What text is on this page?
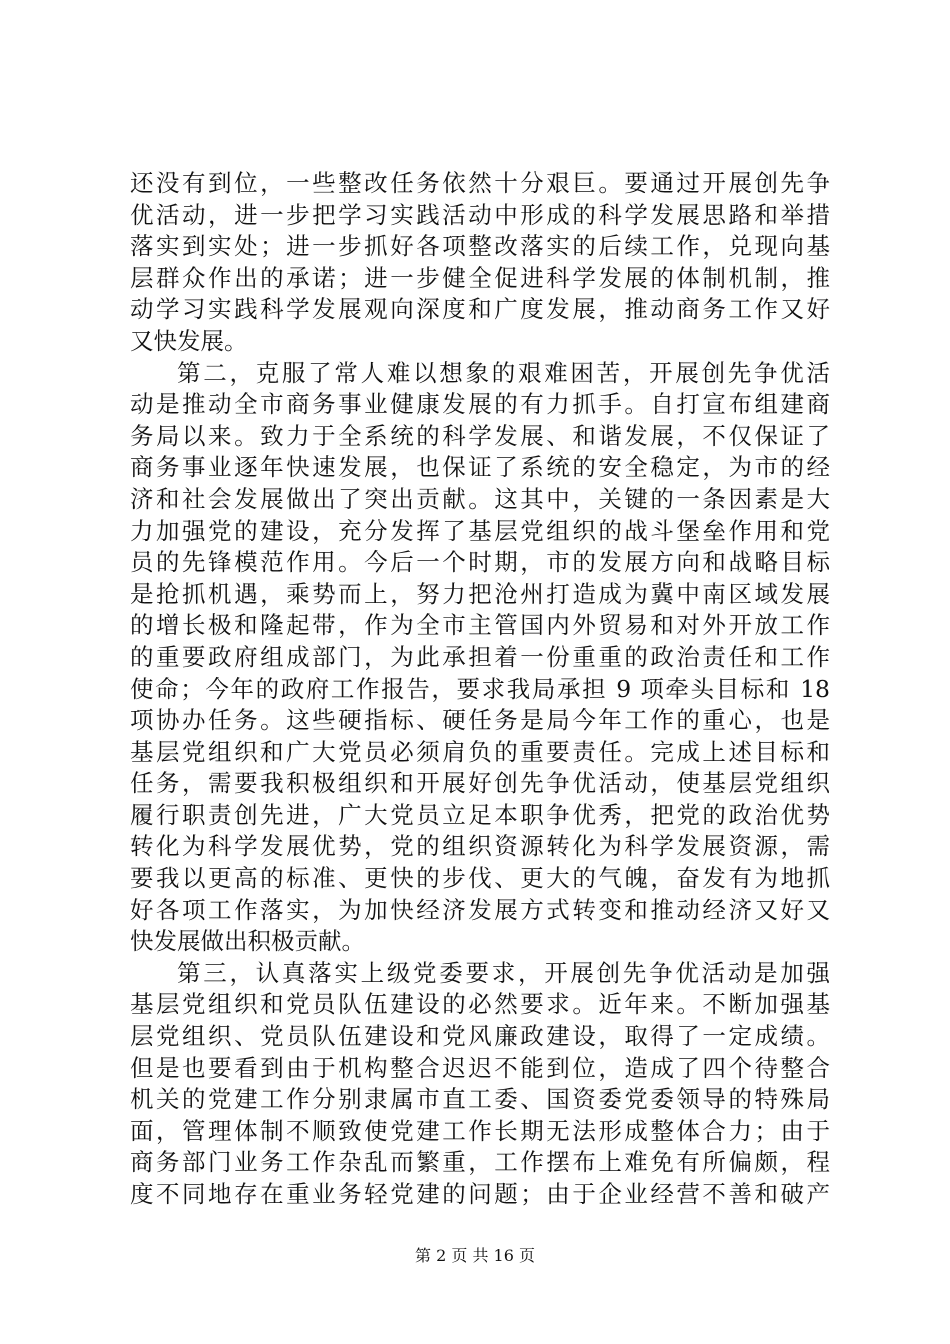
还没有到位，一些整改任务依然十分艰巨。要通过开展创先争
优活动，进一步把学习实践活动中形成的科学发展思路和举措
落实到实处；进一步抓好各项整改落实的后续工作，兑现向基
层群众作出的承诺；进一步健全促进科学发展的体制机制，推
动学习实践科学发展观向深度和广度发展，推动商务工作又好
又快发展。
第二，克服了常人难以想象的艰难困苦，开展创先争优活
动是推动全市商务事业健康发展的有力抓手。自打宣布组建商
务局以来。致力于全系统的科学发展、和谐发展，不仅保证了
商务事业逐年快速发展，也保证了系统的安全稳定，为市的经
济和社会发展做出了突出贡献。这其中，关键的一条因素是大
力加强党的建设，充分发挥了基层党组织的战斗堡垒作用和党
员的先锋模范作用。今后一个时期，市的发展方向和战略目标
是抢抓机遇，乘势而上，努力把沧州打造成为冀中南区域发展
的增长极和隆起带，作为全市主管国内外贸易和对外开放工作
的重要政府组成部门，为此承担着一份重重的政治责任和工作
使命；今年的政府工作报告，要求我局承担 9 项牵头目标和 18
项协办任务。这些硬指标、硬任务是局今年工作的重心，也是
基层党组织和广大党员必须肩负的重要责任。完成上述目标和
任务，需要我积极组织和开展好创先争优活动，使基层党组织
履行职责创先进，广大党员立足本职争优秀，把党的政治优势
转化为科学发展优势，党的组织资源转化为科学发展资源，需
要我以更高的标准、更快的步伐、更大的气魄，奋发有为地抓
好各项工作落实，为加快经济发展方式转变和推动经济又好又
快发展做出积极贡献。
第三，认真落实上级党委要求，开展创先争优活动是加强
基层党组织和党员队伍建设的必然要求。近年来。不断加强基
层党组织、党员队伍建设和党风廉政建设，取得了一定成绩。
但是也要看到由于机构整合迟迟不能到位，造成了四个待整合
机关的党建工作分别隶属市直工委、国资委党委领导的特殊局
面，管理体制不顺致使党建工作长期无法形成整体合力；由于
商务部门业务工作杂乱而繁重，工作摆布上难免有所偏颇，程
度不同地存在重业务轻党建的问题；由于企业经营不善和破产
第 2 页 共 16 页
